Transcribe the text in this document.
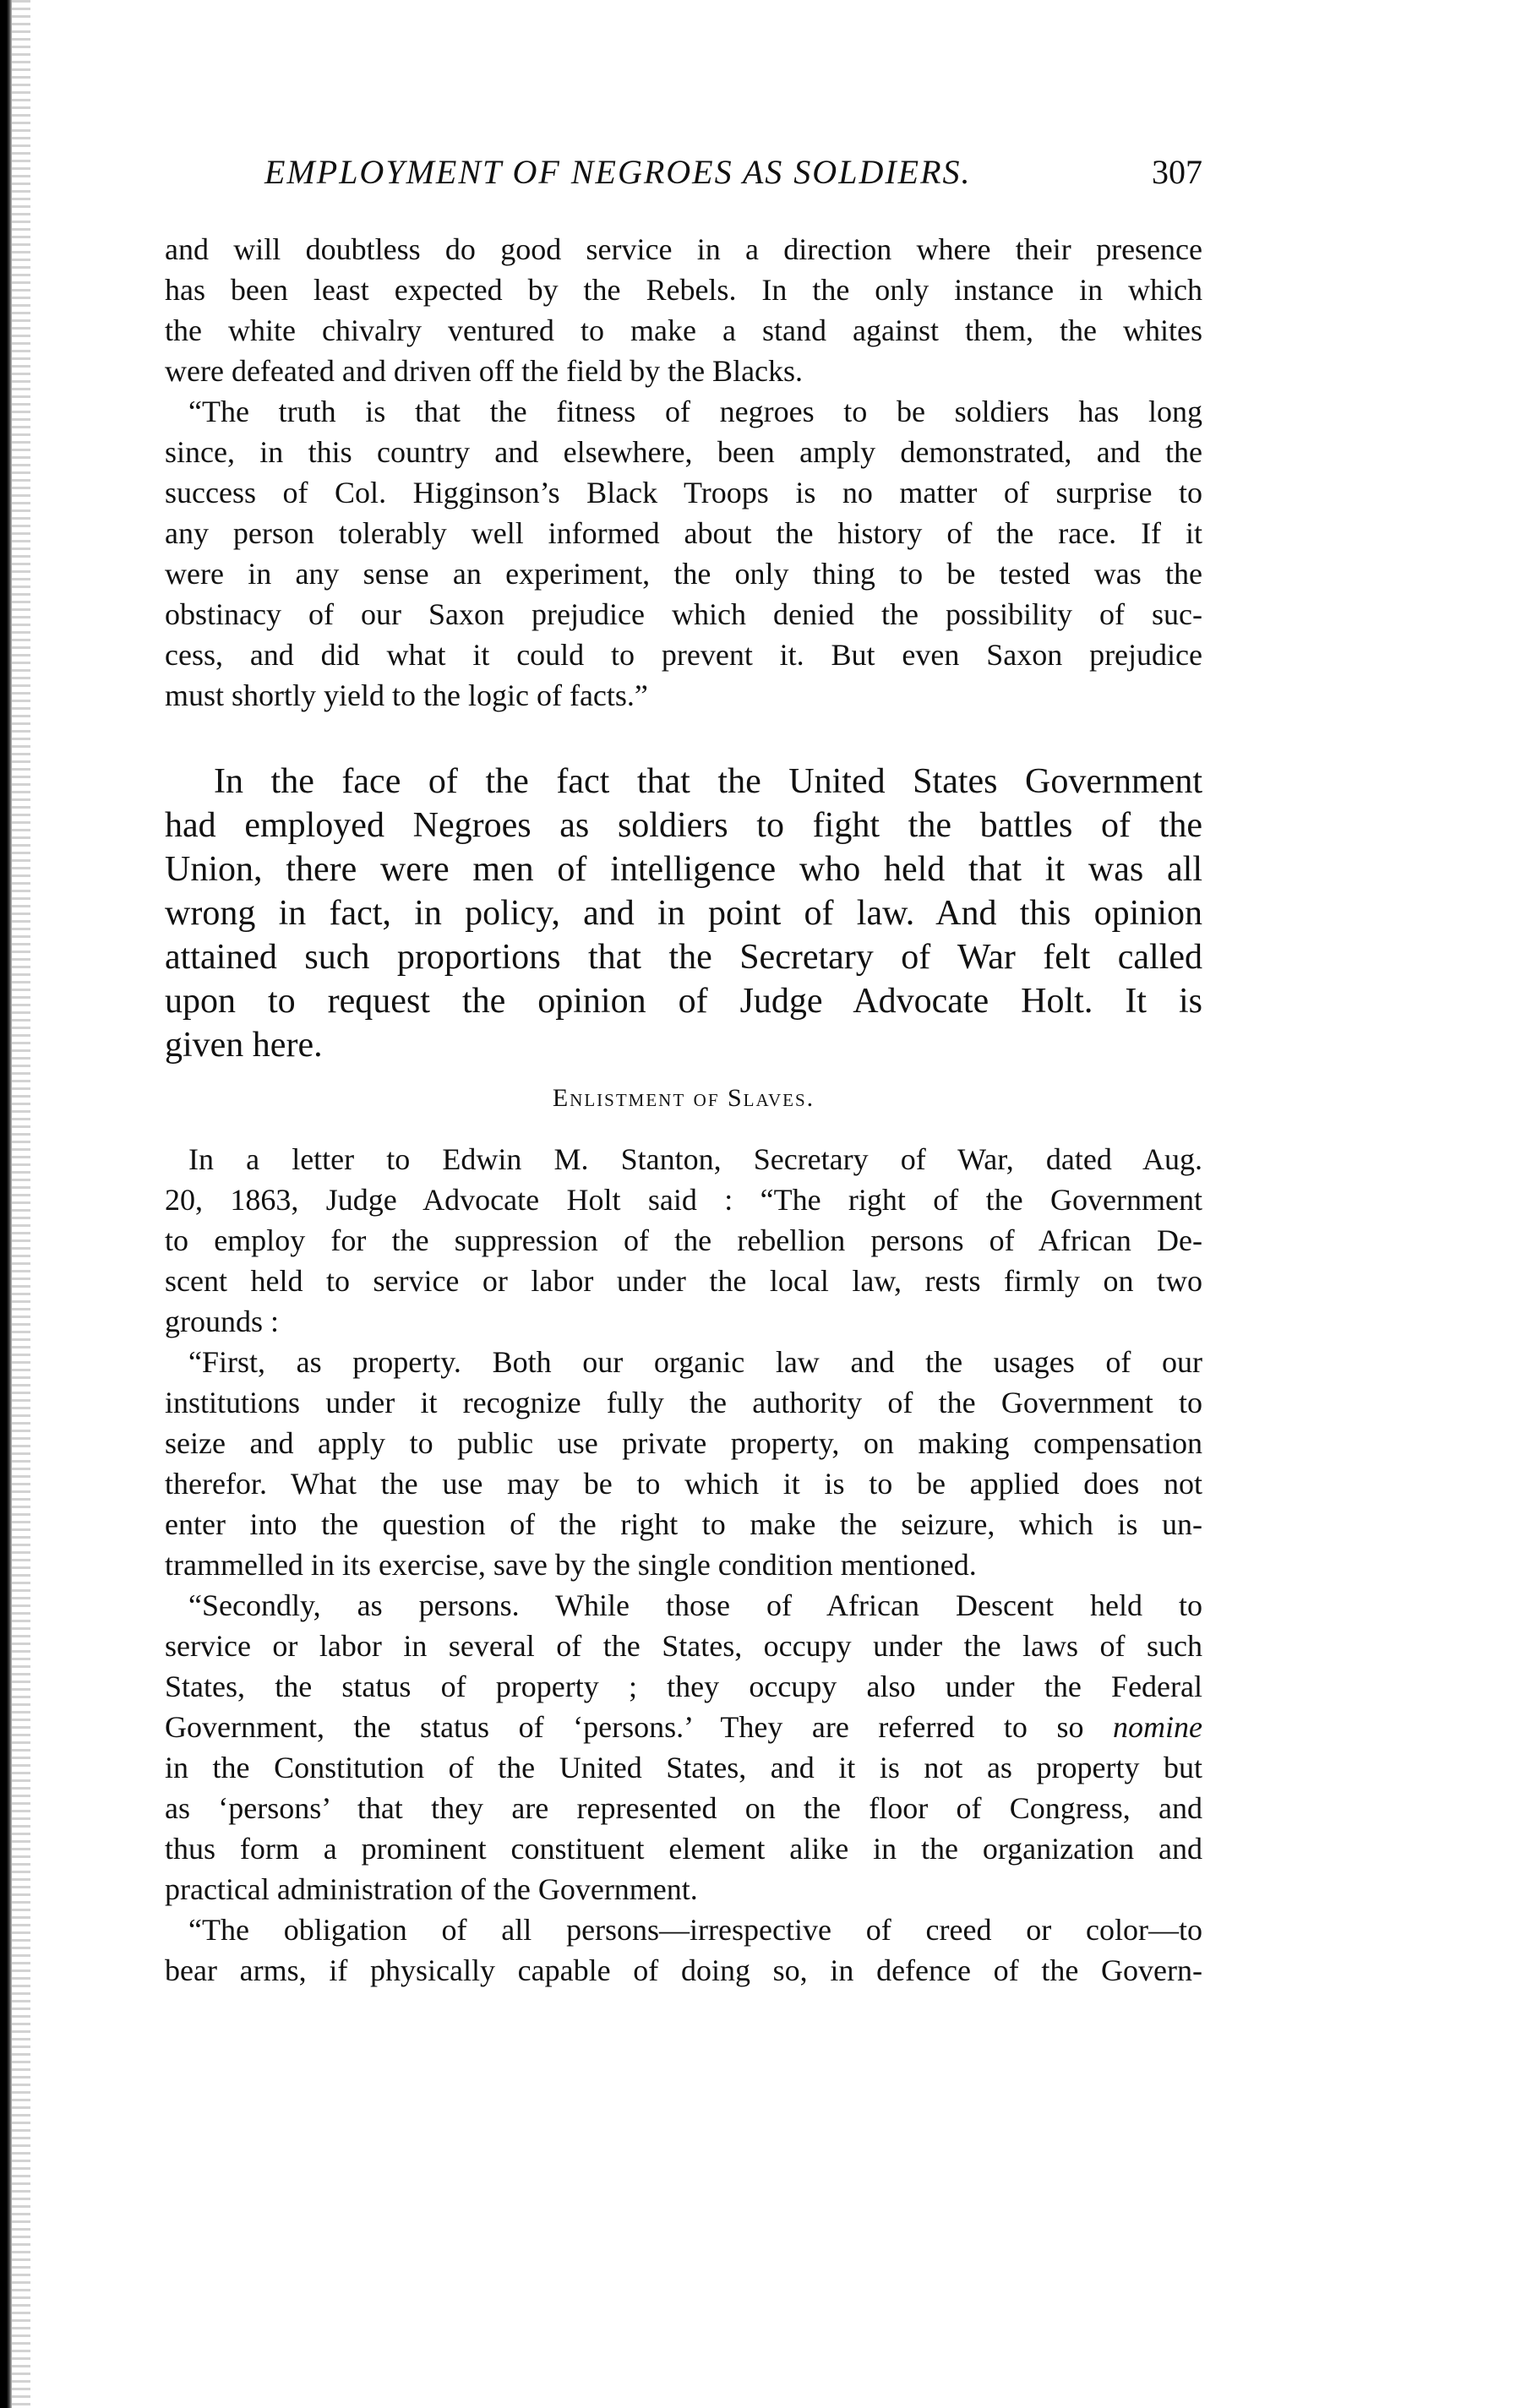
EMPLOYMENT OF NEGROES AS SOLDIERS.	307
and will doubtless do good service in a direction where their presence
has been least expected by the Rebels. In the only instance in which
the white chivalry ventured to make a stand against them, the whites
were defeated and driven off the field by the Blacks.
“The truth is that the fitness of negroes to be soldiers has long
since, in this country and elsewhere, been amply demonstrated, and the
success of Col. Higginson’s Black Troops is no matter of surprise to
any person tolerably well informed about the history of the race. If it
were in any sense an experiment, the only thing to be tested was the
obstinacy of our Saxon prejudice which denied the possibility of suc-
cess, and did what it could to prevent it. But even Saxon prejudice
must shortly yield to the logic of facts.”
In the face of the fact that the United States Government
had employed Negroes as soldiers to fight the battles of the
Union, there were men of intelligence who held that it was all
wrong in fact, in policy, and in point of law. And this opinion
attained such proportions that the Secretary of War felt called
upon to request the opinion of Judge Advocate Holt. It is
given here.
Enlistment of Slaves.
In a letter to Edwin M. Stanton, Secretary of War, dated Aug.
20, 1863, Judge Advocate Holt said : “The right of the Government
to employ for the suppression of the rebellion persons of African De-
scent held to service or labor under the local law, rests firmly on two
grounds :
“First, as property. Both our organic law and the usages of our
institutions under it recognize fully the authority of the Government to
seize and apply to public use private property, on making compensation
therefor. What the use may be to which it is to be applied does not
enter into the question of the right to make the seizure, which is un-
trammelled in its exercise, save by the single condition mentioned.
“Secondly, as persons. While those of African Descent held to
service or labor in several of the States, occupy under the laws of such
States, the status of property ; they occupy also under the Federal
Government, the status of ‘persons.’ They are referred to so nomine
in the Constitution of the United States, and it is not as property but
as ‘persons’ that they are represented on the floor of Congress, and
thus form a prominent constituent element alike in the organization and
practical administration of the Government.
“The obligation of all persons—irrespective of creed or color—to
bear arms, if physically capable of doing so, in defence of the Govern-
